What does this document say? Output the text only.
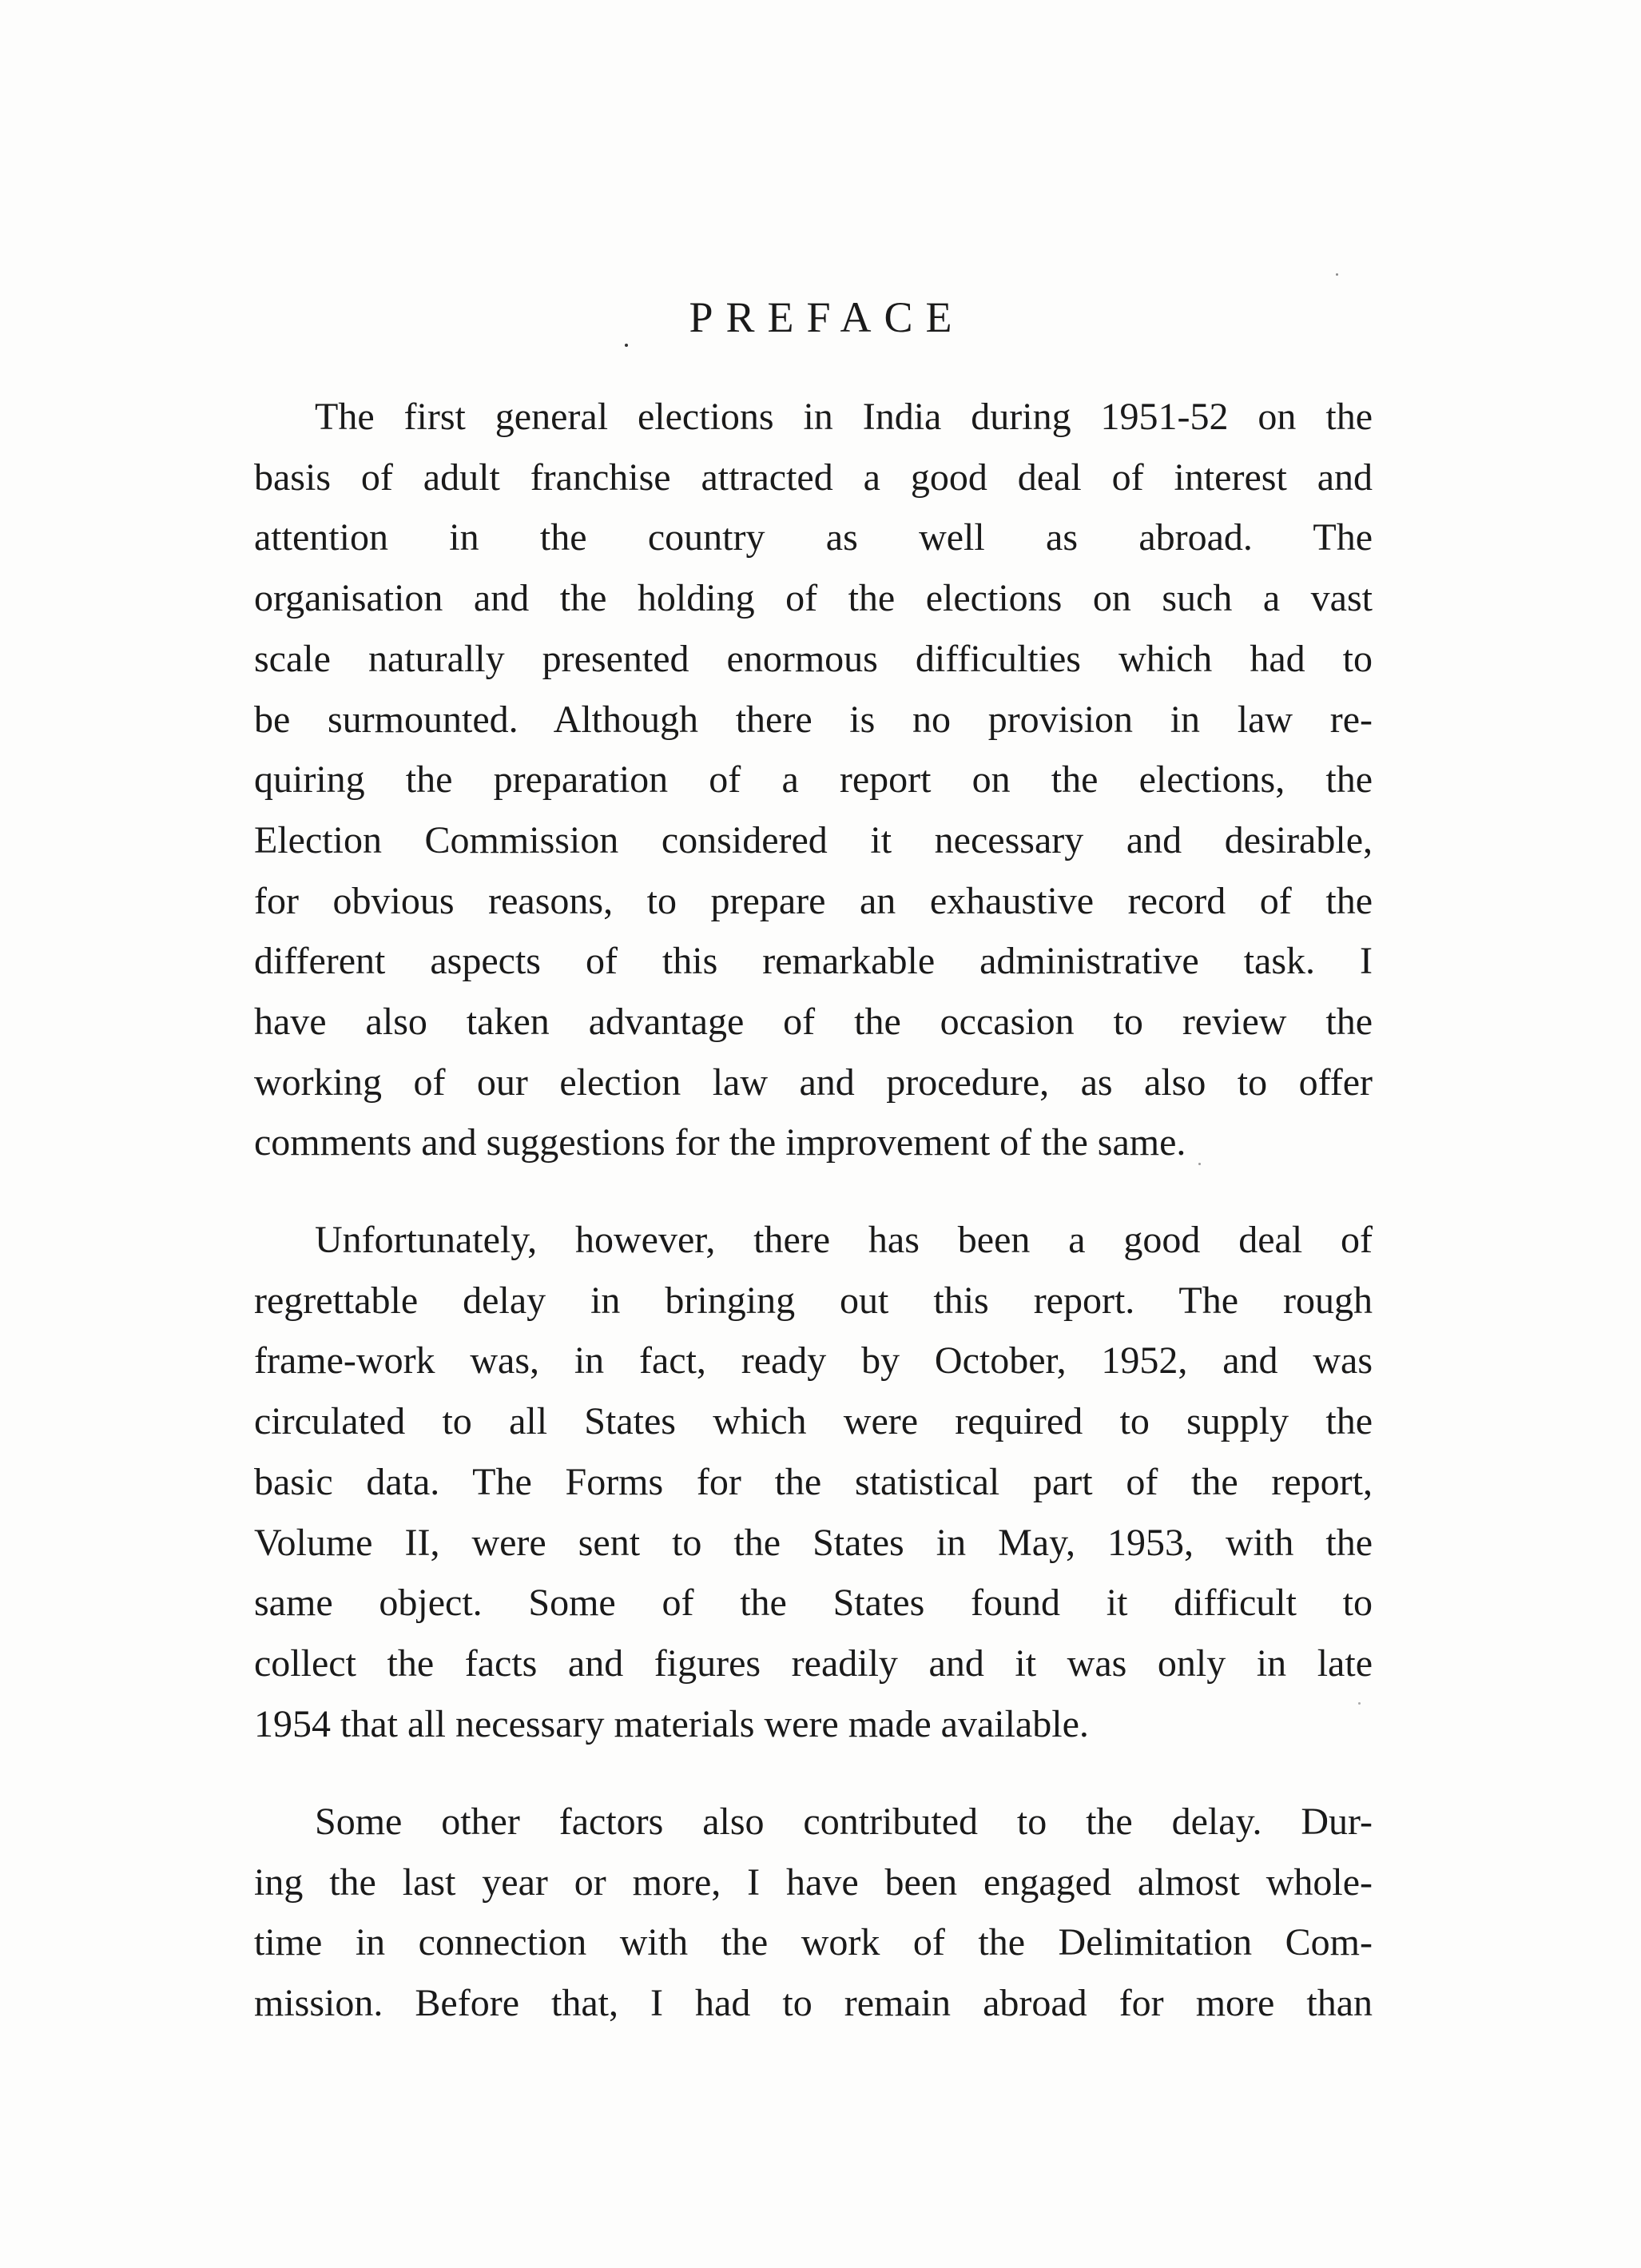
PREFACE
The first general elections in India during 1951-52 on the
basis of adult franchise attracted a good deal of interest and
attention in the country as well as abroad. The
organisation and the holding of the elections on such a vast
scale naturally presented enormous difficulties which had to
be surmounted. Although there is no provision in law re-
quiring the preparation of a report on the elections, the
Election Commission considered it necessary and desirable,
for obvious reasons, to prepare an exhaustive record of the
different aspects of this remarkable administrative task. I
have also taken advantage of the occasion to review the
working of our election law and procedure, as also to offer
comments and suggestions for the improvement of the same.
Unfortunately, however, there has been a good deal of
regrettable delay in bringing out this report. The rough
frame-work was, in fact, ready by October, 1952, and was
circulated to all States which were required to supply the
basic data. The Forms for the statistical part of the report,
Volume II, were sent to the States in May, 1953, with the
same object. Some of the States found it difficult to
collect the facts and figures readily and it was only in late
1954 that all necessary materials were made available.
Some other factors also contributed to the delay. Dur-
ing the last year or more, I have been engaged almost whole-
time in connection with the work of the Delimitation Com-
mission. Before that, I had to remain abroad for more than
